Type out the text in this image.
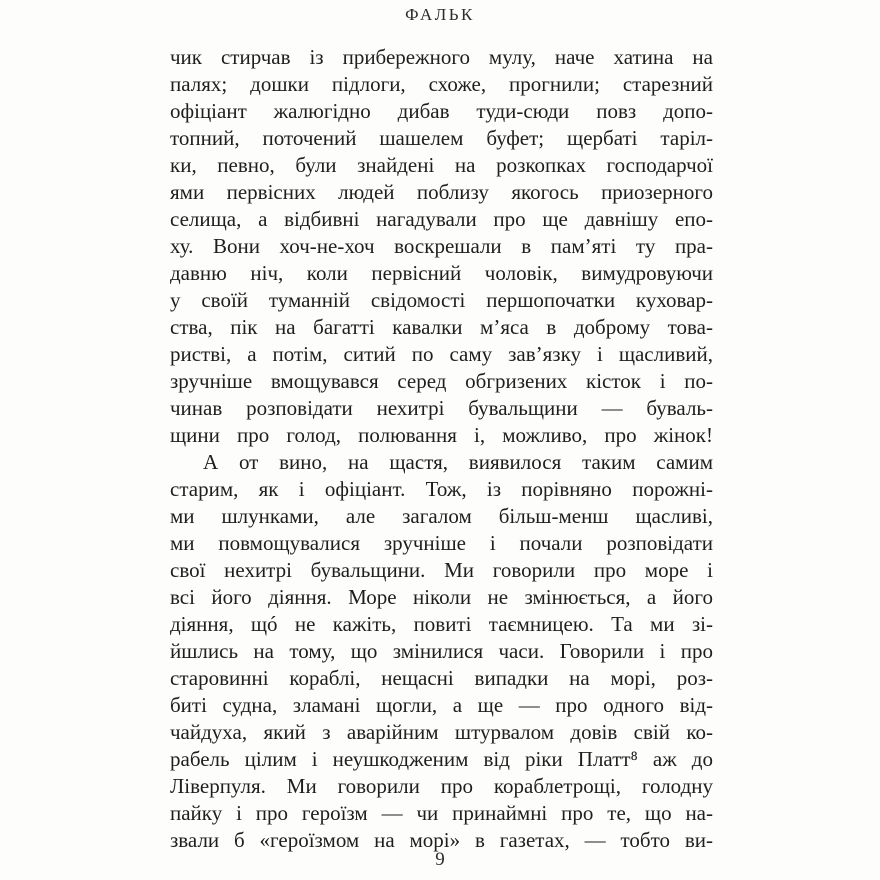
ФАЛЬК
чик стирчав із прибережного мулу, наче хатина на
палях; дошки підлоги, схоже, прогнили; старезний
офіціант жалюгідно дибав туди-сюди повз допо-
топний, поточений шашелем буфет; щербаті таріл-
ки, певно, були знайдені на розкопках господарчої
ями первісних людей поблизу якогось приозерного
селища, а відбивні нагадували про ще давнішу епо-
ху. Вони хоч-не-хоч воскрешали в пам’яті ту пра-
давню ніч, коли первісний чоловік, вимудровуючи
у своїй туманній свідомості першопочатки куховар-
ства, пік на багатті кавалки м’яса в доброму това-
ристві, а потім, ситий по саму зав’язку і щасливий,
зручніше вмощувався серед обгризених кісток і по-
чинав розповідати нехитрі бувальщини — буваль-
щини про голод, полювання і, можливо, про жінок!
А от вино, на щастя, виявилося таким самим
старим, як і офіціант. Тож, із порівняно порожні-
ми шлунками, але загалом більш-менш щасливі,
ми повмощувалися зручніше і почали розповідати
свої нехитрі бувальщини. Ми говорили про море і
всі його діяння. Море ніколи не змінюється, а його
діяння, щó не кажіть, повиті таємницею. Та ми зі-
йшлись на тому, що змінилися часи. Говорили і про
старовинні кораблі, нещасні випадки на морі, роз-
биті судна, зламані щогли, а ще — про одного від-
чайдуха, який з аварійним штурвалом довів свій ко-
рабель цілим і неушкодженим від ріки Платт⁸ аж до
Ліверпуля. Ми говорили про кораблетрощі, голодну
пайку і про героїзм — чи принаймні про те, що на-
звали б «героїзмом на морі» в газетах, — тобто ви-
9
